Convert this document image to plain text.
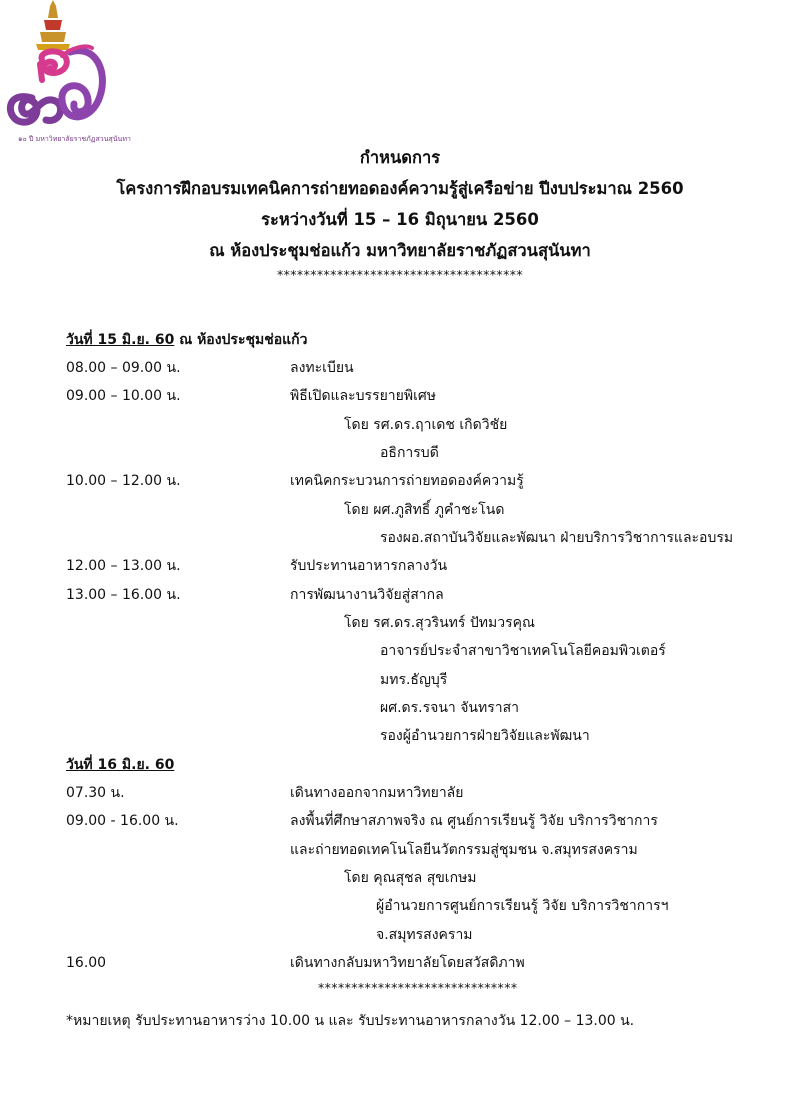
๑๐ ปี มหาวิทยาลัยราชภัฏสวนสุนันทา
กำหนดการ
โครงการฝึกอบรมเทคนิคการถ่ายทอดองค์ความรู้สู่เครือข่าย ปีงบประมาณ 2560
ระหว่างวันที่ 15 – 16 มิถุนายน 2560
ณ ห้องประชุมช่อแก้ว มหาวิทยาลัยราชภัฏสวนสุนันทา
*************************************
วันที่ 15 มิ.ย. 60 ณ ห้องประชุมช่อแก้ว
08.00 – 09.00 น.	ลงทะเบียน
09.00 – 10.00 น.	พิธีเปิดและบรรยายพิเศษ
โดย รศ.ดร.ฤาเดช เกิดวิชัย
อธิการบดี
10.00 – 12.00 น.	เทคนิคกระบวนการถ่ายทอดองค์ความรู้
โดย ผศ.ภูสิทธิ์ ภูคำชะโนด
รองผอ.สถาบันวิจัยและพัฒนา ฝ่ายบริการวิชาการและอบรม
12.00 – 13.00 น.	รับประทานอาหารกลางวัน
13.00 – 16.00 น.	การพัฒนางานวิจัยสู่สากล
โดย รศ.ดร.สุวรินทร์ ปัทมวรคุณ
อาจารย์ประจำสาขาวิชาเทคโนโลยีคอมพิวเตอร์
มทร.ธัญบุรี
ผศ.ดร.รจนา จันทราสา
รองผู้อำนวยการฝ่ายวิจัยและพัฒนา
วันที่ 16 มิ.ย. 60
07.30 น.	เดินทางออกจากมหาวิทยาลัย
09.00 - 16.00 น.	ลงพื้นที่ศึกษาสภาพจริง ณ ศูนย์การเรียนรู้ วิจัย บริการวิชาการ
และถ่ายทอดเทคโนโลยีนวัตกรรมสู่ชุมชน จ.สมุทรสงคราม
โดย คุณสุชล สุขเกษม
ผู้อำนวยการศูนย์การเรียนรู้ วิจัย บริการวิชาการฯ
จ.สมุทรสงคราม
16.00	เดินทางกลับมหาวิทยาลัยโดยสวัสดิภาพ
******************************
*หมายเหตุ รับประทานอาหารว่าง 10.00 น และ รับประทานอาหารกลางวัน 12.00 – 13.00 น.
